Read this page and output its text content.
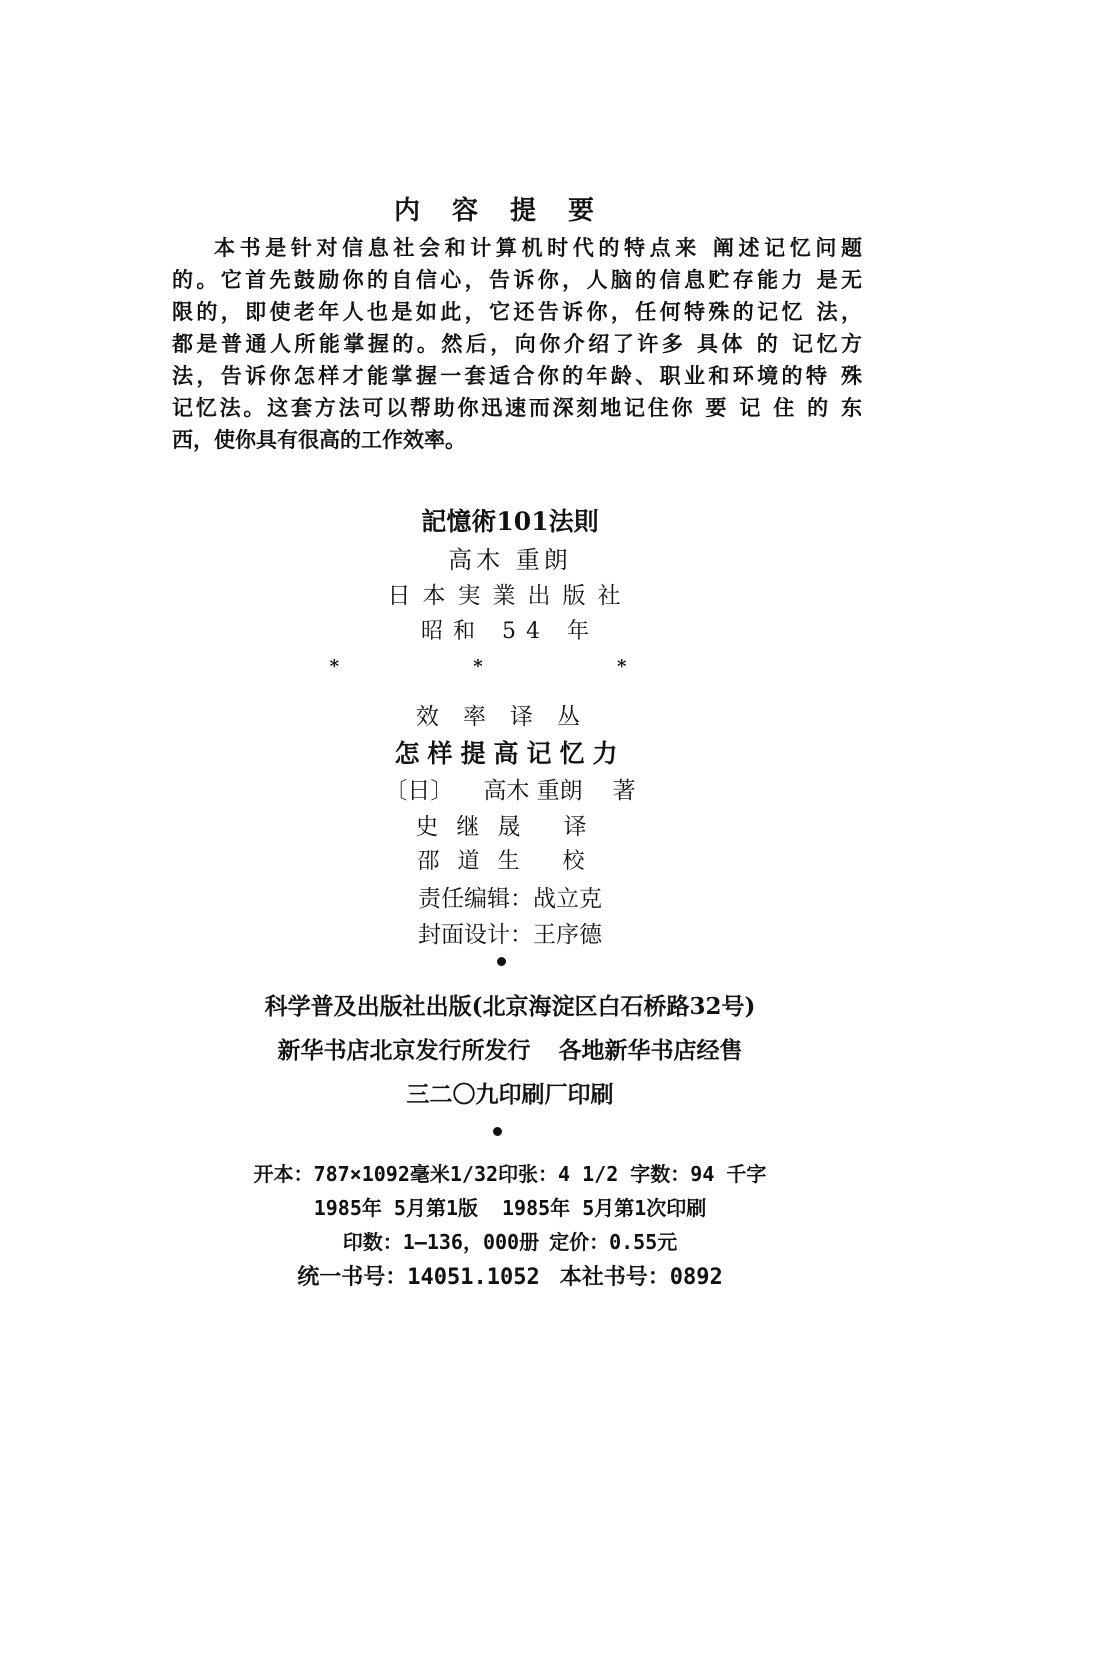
内容提要
本书是针对信息社会和计算机时代的特点来 阐述记忆问题
的。它首先鼓励你的自信心，告诉你，人脑的信息贮存能力 是无
限的，即使老年人也是如此，它还告诉你，任何特殊的记忆 法，
都是普通人所能掌握的。然后，向你介绍了许多 具体 的 记忆方
法，告诉你怎样才能掌握一套适合你的年龄、职业和环境的特 殊
记忆法。这套方法可以帮助你迅速而深刻地记住你 要 记 住 的 东
西，使你具有很高的工作效率。
記憶術101法則
高木 重朗
日本実業出版社
昭和 54 年
* * *
效率译丛
怎样提高记忆力
〔日〕 高木 重朗 著
史继晟 译
邵道生 校
责任编辑：战立克
封面设计：王序德
科学普及出版社出版(北京海淀区白石桥路32号)
新华书店北京发行所发行 各地新华书店经售
三二〇九印刷厂印刷
开本：787×1092毫米1/32印张：4 1/2 字数：94 千字
1985年 5月第1版 1985年 5月第1次印刷
印数：1—136，000册 定价：0.55元
统一书号：14051.1052 本社书号：0892
